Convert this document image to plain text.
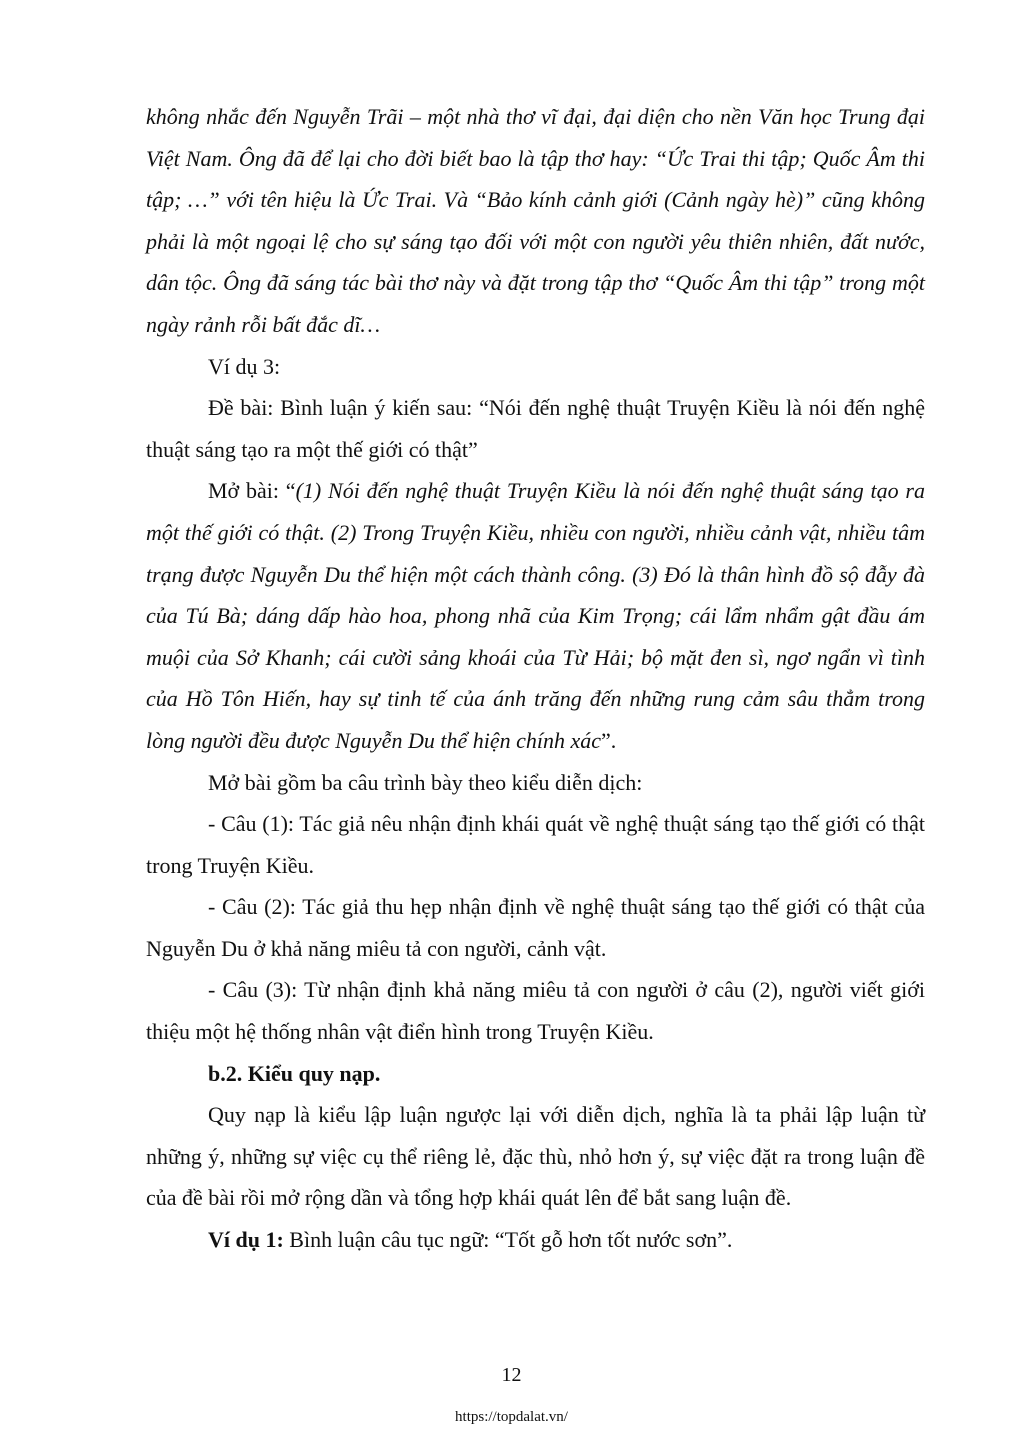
không nhắc đến Nguyễn Trãi – một nhà thơ vĩ đại, đại diện cho nền Văn học Trung đại Việt Nam. Ông đã để lại cho đời biết bao là tập thơ hay: “Ức Trai thi tập; Quốc Âm thi tập; …” với tên hiệu là Ức Trai. Và “Bảo kính cảnh giới (Cảnh ngày hè)” cũng không phải là một ngoại lệ cho sự sáng tạo đối với một con người yêu thiên nhiên, đất nước, dân tộc. Ông đã sáng tác bài thơ này và đặt trong tập thơ “Quốc Âm thi tập” trong một ngày rảnh rỗi bất đắc dĩ…

Ví dụ 3:

Đề bài: Bình luận ý kiến sau: “Nói đến nghệ thuật Truyện Kiều là nói đến nghệ thuật sáng tạo ra một thế giới có thật”

Mở bài: “(1) Nói đến nghệ thuật Truyện Kiều là nói đến nghệ thuật sáng tạo ra một thế giới có thật. (2) Trong Truyện Kiều, nhiều con người, nhiều cảnh vật, nhiều tâm trạng được Nguyễn Du thể hiện một cách thành công. (3) Đó là thân hình đồ sộ đẫy đà của Tú Bà; dáng dấp hào hoa, phong nhã của Kim Trọng; cái lẩm nhẩm gật đầu ám muội của Sở Khanh; cái cười sảng khoái của Từ Hải; bộ mặt đen sì, ngơ ngẩn vì tình của Hồ Tôn Hiến, hay sự tinh tế của ánh trăng đến những rung cảm sâu thẳm trong lòng người đều được Nguyễn Du thể hiện chính xác”.

Mở bài gồm ba câu trình bày theo kiểu diễn dịch:

- Câu (1): Tác giả nêu nhận định khái quát về nghệ thuật sáng tạo thế giới có thật trong Truyện Kiều.

- Câu (2): Tác giả thu hẹp nhận định về nghệ thuật sáng tạo thế giới có thật của Nguyễn Du ở khả năng miêu tả con người, cảnh vật.

- Câu (3): Từ nhận định khả năng miêu tả con người ở câu (2), người viết giới thiệu một hệ thống nhân vật điển hình trong Truyện Kiều.

b.2. Kiểu quy nạp.

Quy nạp là kiểu lập luận ngược lại với diễn dịch, nghĩa là ta phải lập luận từ những ý, những sự việc cụ thể riêng lẻ, đặc thù, nhỏ hơn ý, sự việc đặt ra trong luận đề của đề bài rồi mở rộng dần và tổng hợp khái quát lên để bắt sang luận đề.

Ví dụ 1: Bình luận câu tục ngữ: “Tốt gỗ hơn tốt nước sơn”.

12
https://topdalat.vn/
